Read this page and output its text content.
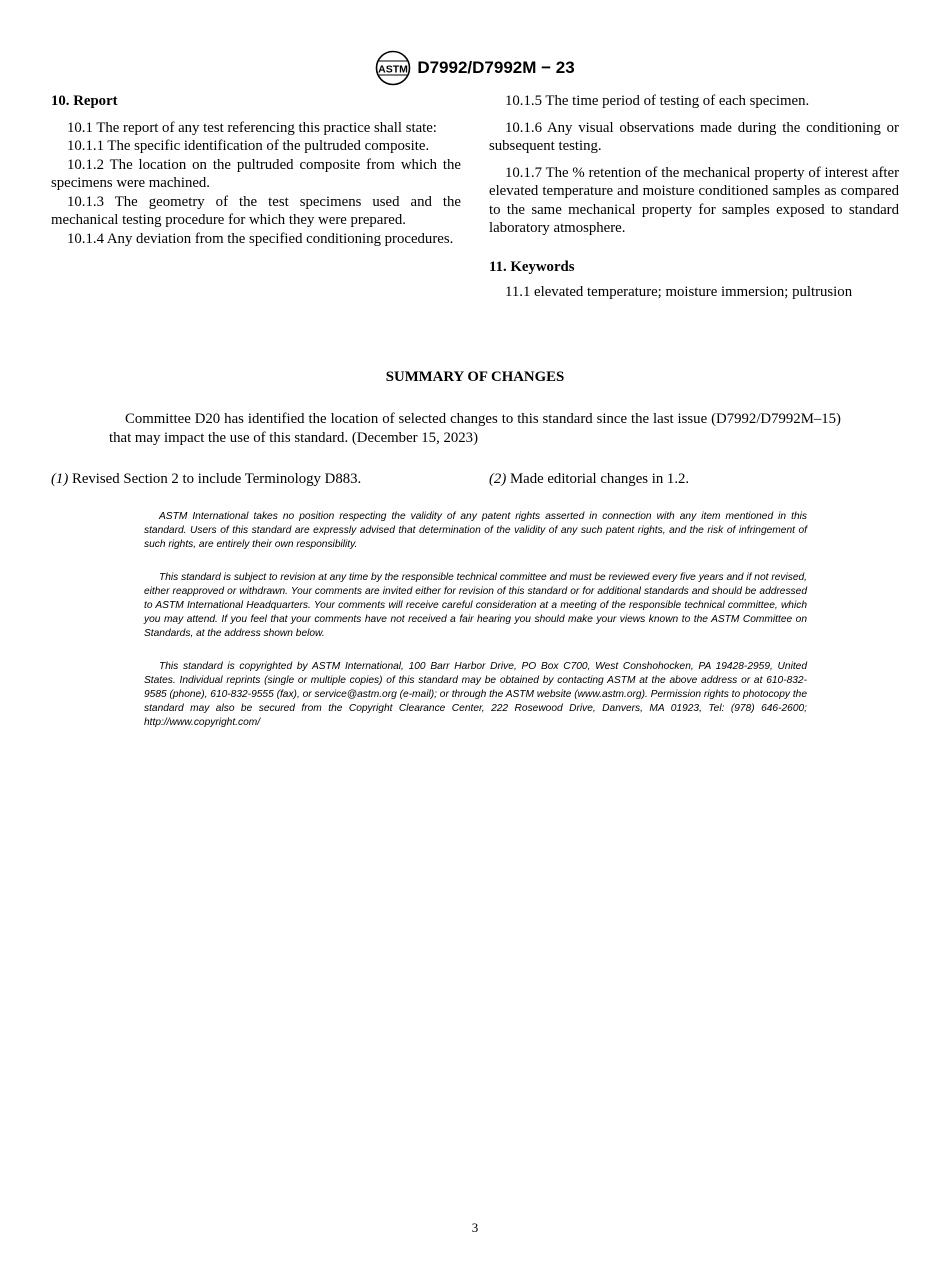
ASTM D7992/D7992M − 23
10. Report

10.1 The report of any test referencing this practice shall state:

10.1.1 The specific identification of the pultruded composite.

10.1.2 The location on the pultruded composite from which the specimens were machined.

10.1.3 The geometry of the test specimens used and the mechanical testing procedure for which they were prepared.

10.1.4 Any deviation from the specified conditioning procedures.

10.1.5 The time period of testing of each specimen.

10.1.6 Any visual observations made during the conditioning or subsequent testing.

10.1.7 The % retention of the mechanical property of interest after elevated temperature and moisture conditioned samples as compared to the same mechanical property for samples exposed to standard laboratory atmosphere.

11. Keywords

11.1 elevated temperature; moisture immersion; pultrusion

SUMMARY OF CHANGES

Committee D20 has identified the location of selected changes to this standard since the last issue (D7992/D7992M–15) that may impact the use of this standard. (December 15, 2023)

(1) Revised Section 2 to include Terminology D883.	(2) Made editorial changes in 1.2.

ASTM International takes no position respecting the validity of any patent rights asserted in connection with any item mentioned in this standard. Users of this standard are expressly advised that determination of the validity of any such patent rights, and the risk of infringement of such rights, are entirely their own responsibility.

This standard is subject to revision at any time by the responsible technical committee and must be reviewed every five years and if not revised, either reapproved or withdrawn. Your comments are invited either for revision of this standard or for additional standards and should be addressed to ASTM International Headquarters. Your comments will receive careful consideration at a meeting of the responsible technical committee, which you may attend. If you feel that your comments have not received a fair hearing you should make your views known to the ASTM Committee on Standards, at the address shown below.

This standard is copyrighted by ASTM International, 100 Barr Harbor Drive, PO Box C700, West Conshohocken, PA 19428-2959, United States. Individual reprints (single or multiple copies) of this standard may be obtained by contacting ASTM at the above address or at 610-832-9585 (phone), 610-832-9555 (fax), or service@astm.org (e-mail); or through the ASTM website (www.astm.org). Permission rights to photocopy the standard may also be secured from the Copyright Clearance Center, 222 Rosewood Drive, Danvers, MA 01923, Tel: (978) 646-2600; http://www.copyright.com/

3
